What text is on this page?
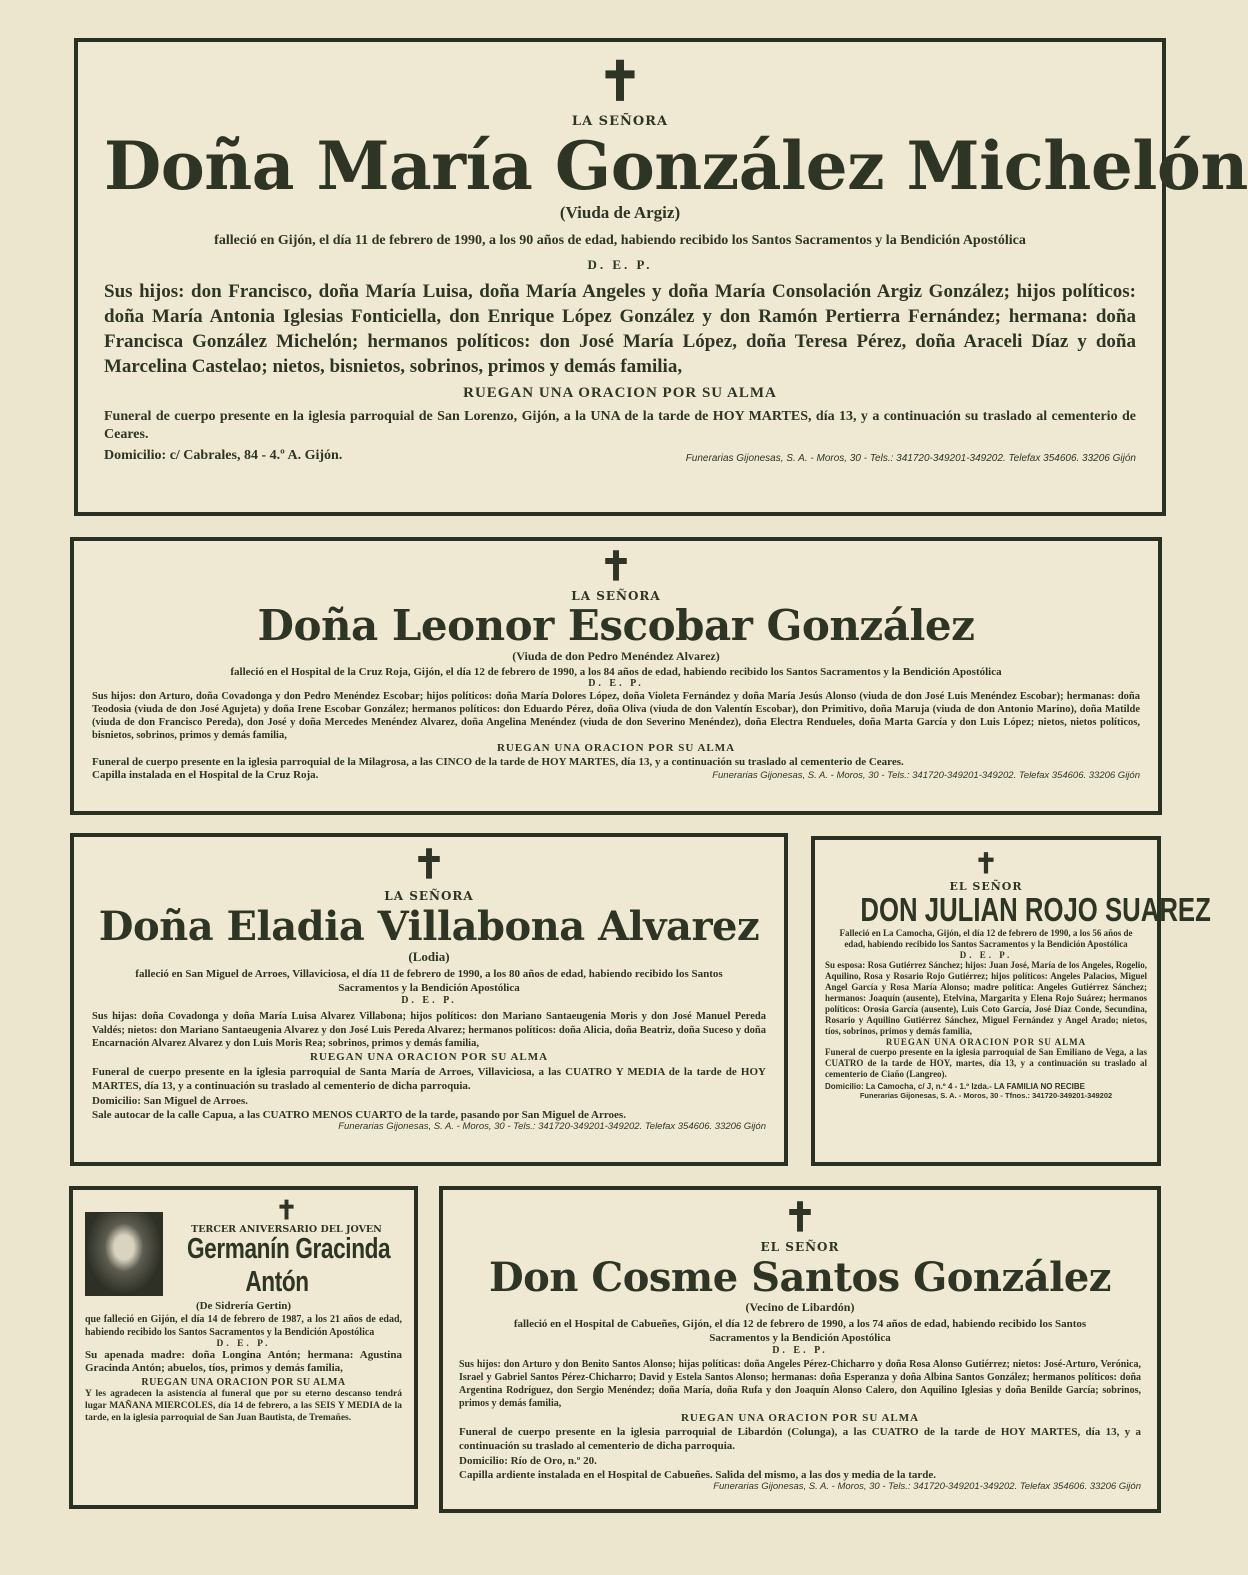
✝
LA SEÑORA
Doña María González Michelón
(Viuda de Argiz)
falleció en Gijón, el día 11 de febrero de 1990, a los 90 años de edad, habiendo recibido los Santos Sacramentos y la Bendición Apostólica
D. E. P.
Sus hijos: don Francisco, doña María Luisa, doña María Angeles y doña María Consolación Argiz González; hijos políticos: doña María Antonia Iglesias Fonticiella, don Enrique López González y don Ramón Pertierra Fernández; hermana: doña Francisca González Michelón; hermanos políticos: don José María López, doña Teresa Pérez, doña Araceli Díaz y doña Marcelina Castelao; nietos, bisnietos, sobrinos, primos y demás familia,
RUEGAN UNA ORACION POR SU ALMA
Funeral de cuerpo presente en la iglesia parroquial de San Lorenzo, Gijón, a la UNA de la tarde de HOY MARTES, día 13, y a continuación su traslado al cementerio de Ceares.
Domicilio: c/ Cabrales, 84 - 4.º A. Gijón.	Funerarias Gijonesas, S. A. - Moros, 30 - Tels.: 341720-349201-349202. Telefax 354606. 33206 Gijón
✝
LA SEÑORA
Doña Leonor Escobar González
(Viuda de don Pedro Menéndez Alvarez)
falleció en el Hospital de la Cruz Roja, Gijón, el día 12 de febrero de 1990, a los 84 años de edad, habiendo recibido los Santos Sacramentos y la Bendición Apostólica
D. E. P.
Sus hijos: don Arturo, doña Covadonga y don Pedro Menéndez Escobar; hijos políticos: doña María Dolores López, doña Violeta Fernández y doña María Jesús Alonso (viuda de don José Luis Menéndez Escobar); hermanas: doña Teodosia (viuda de don José Agujeta) y doña Irene Escobar González; hermanos políticos: don Eduardo Pérez, doña Oliva (viuda de don Valentín Escobar), don Primitivo, doña Maruja (viuda de don Antonio Marino), doña Matilde (viuda de don Francisco Pereda), don José y doña Mercedes Menéndez Alvarez, doña Angelina Menéndez (viuda de don Severino Menéndez), doña Electra Rendueles, doña Marta García y don Luis López; nietos, nietos políticos, bisnietos, sobrinos, primos y demás familia,
RUEGAN UNA ORACION POR SU ALMA
Funeral de cuerpo presente en la iglesia parroquial de la Milagrosa, a las CINCO de la tarde de HOY MARTES, día 13, y a continuación su traslado al cementerio de Ceares.
Capilla instalada en el Hospital de la Cruz Roja.	Funerarias Gijonesas, S. A. - Moros, 30 - Tels.: 341720-349201-349202. Telefax 354606. 33206 Gijón
✝
LA SEÑORA
Doña Eladia Villabona Alvarez
(Lodia)
falleció en San Miguel de Arroes, Villaviciosa, el día 11 de febrero de 1990, a los 80 años de edad, habiendo recibido los Santos Sacramentos y la Bendición Apostólica
D. E. P.
Sus hijas: doña Covadonga y doña María Luisa Alvarez Villabona; hijos políticos: don Mariano Santaeugenia Moris y don José Manuel Pereda Valdés; nietos: don Mariano Santaeugenia Alvarez y don José Luis Pereda Alvarez; hermanos políticos: doña Alicia, doña Beatriz, doña Suceso y doña Encarnación Alvarez Alvarez y don Luis Moris Rea; sobrinos, primos y demás familia,
RUEGAN UNA ORACION POR SU ALMA
Funeral de cuerpo presente en la iglesia parroquial de Santa María de Arroes, Villaviciosa, a las CUATRO Y MEDIA de la tarde de HOY MARTES, día 13, y a continuación su traslado al cementerio de dicha parroquia.
Domicilio: San Miguel de Arroes.
Sale autocar de la calle Capua, a las CUATRO MENOS CUARTO de la tarde, pasando por San Miguel de Arroes.
Funerarias Gijonesas, S. A. - Moros, 30 - Tels.: 341720-349201-349202. Telefax 354606. 33206 Gijón
✝
EL SEÑOR
DON JULIAN ROJO SUAREZ
Falleció en La Camocha, Gijón, el día 12 de febrero de 1990, a los 56 años de edad, habiendo recibido los Santos Sacramentos y la Bendición Apostólica
D. E. P.
Su esposa: Rosa Gutiérrez Sánchez; hijos: Juan José, María de los Angeles, Rogelio, Aquilino, Rosa y Rosario Rojo Gutiérrez; hijos políticos: Angeles Palacios, Miguel Angel García y Rosa María Alonso; madre política: Angeles Gutiérrez Sánchez; hermanos: Joaquín (ausente), Etelvina, Margarita y Elena Rojo Suárez; hermanos políticos: Orosia García (ausente), Luis Coto García, José Díaz Conde, Secundina, Rosario y Aquilino Gutiérrez Sánchez, Miguel Fernández y Angel Arado; nietos, tíos, sobrinos, primos y demás familia,
RUEGAN UNA ORACION POR SU ALMA
Funeral de cuerpo presente en la iglesia parroquial de San Emiliano de Vega, a las CUATRO de la tarde de HOY, martes, día 13, y a continuación su traslado al cementerio de Ciaño (Langreo).
Domicilio: La Camocha, c/ J, n.º 4 - 1.º Izda.- LA FAMILIA NO RECIBE
Funerarias Gijonesas, S. A. - Moros, 30 - Tfnos.: 341720-349201-349202
✝
TERCER ANIVERSARIO DEL JOVEN
Germanín Gracinda
Antón
(De Sidrería Gertin)
que falleció en Gijón, el día 14 de febrero de 1987, a los 21 años de edad, habiendo recibido los Santos Sacramentos y la Bendición Apostólica
D. E. P.
Su apenada madre: doña Longina Antón; hermana: Agustina Gracinda Antón; abuelos, tíos, primos y demás familia,
RUEGAN UNA ORACION POR SU ALMA
Y les agradecen la asistencia al funeral que por su eterno descanso tendrá lugar MAÑANA MIERCOLES, día 14 de febrero, a las SEIS Y MEDIA de la tarde, en la iglesia parroquial de San Juan Bautista, de Tremañes.
✝
EL SEÑOR
Don Cosme Santos González
(Vecino de Libardón)
falleció en el Hospital de Cabueñes, Gijón, el día 12 de febrero de 1990, a los 74 años de edad, habiendo recibido los Santos Sacramentos y la Bendición Apostólica
D. E. P.
Sus hijos: don Arturo y don Benito Santos Alonso; hijas políticas: doña Angeles Pérez-Chicharro y doña Rosa Alonso Gutiérrez; nietos: José-Arturo, Verónica, Israel y Gabriel Santos Pérez-Chicharro; David y Estela Santos Alonso; hermanas: doña Esperanza y doña Albina Santos González; hermanos políticos: doña Argentina Rodríguez, don Sergio Menéndez; doña María, doña Rufa y don Joaquín Alonso Calero, don Aquilino Iglesias y doña Benilde García; sobrinos, primos y demás familia,
RUEGAN UNA ORACION POR SU ALMA
Funeral de cuerpo presente en la iglesia parroquial de Libardón (Colunga), a las CUATRO de la tarde de HOY MARTES, día 13, y a continuación su traslado al cementerio de dicha parroquia.
Domicilio: Río de Oro, n.º 20.
Capilla ardiente instalada en el Hospital de Cabueñes. Salida del mismo, a las dos y media de la tarde.
Funerarias Gijonesas, S. A. - Moros, 30 - Tels.: 341720-349201-349202. Telefax 354606. 33206 Gijón
